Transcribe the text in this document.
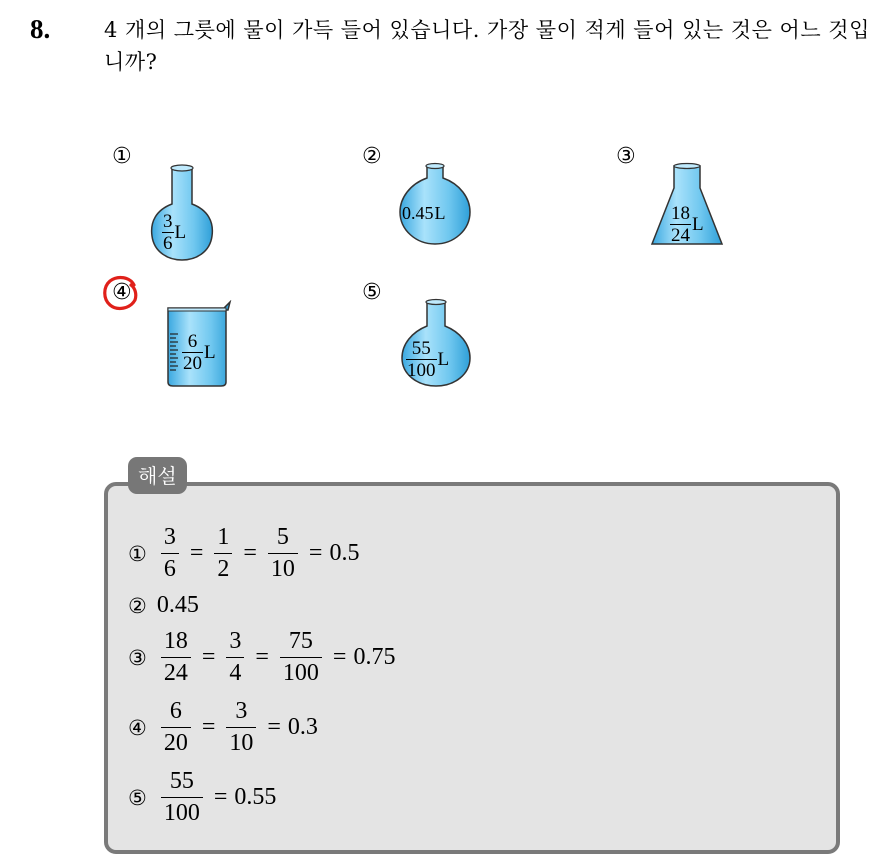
8.	4 개의 그릇에 물이 가득 들어 있습니다. 가장 물이 적게 들어 있는 것은 어느 것입니까?
①
$\frac{3}{6}$ L
②
0.45 L
③
$\frac{18}{24}$ L
④
$\frac{6}{20}$ L
⑤
$\frac{55}{100}$ L
해설
① $\frac{3}{6} = \frac{1}{2} = \frac{5}{10} = 0.5$
② 0.45
③ $\frac{18}{24} = \frac{3}{4} = \frac{75}{100} = 0.75$
④ $\frac{6}{20} = \frac{3}{10} = 0.3$
⑤ $\frac{55}{100} = 0.55$
